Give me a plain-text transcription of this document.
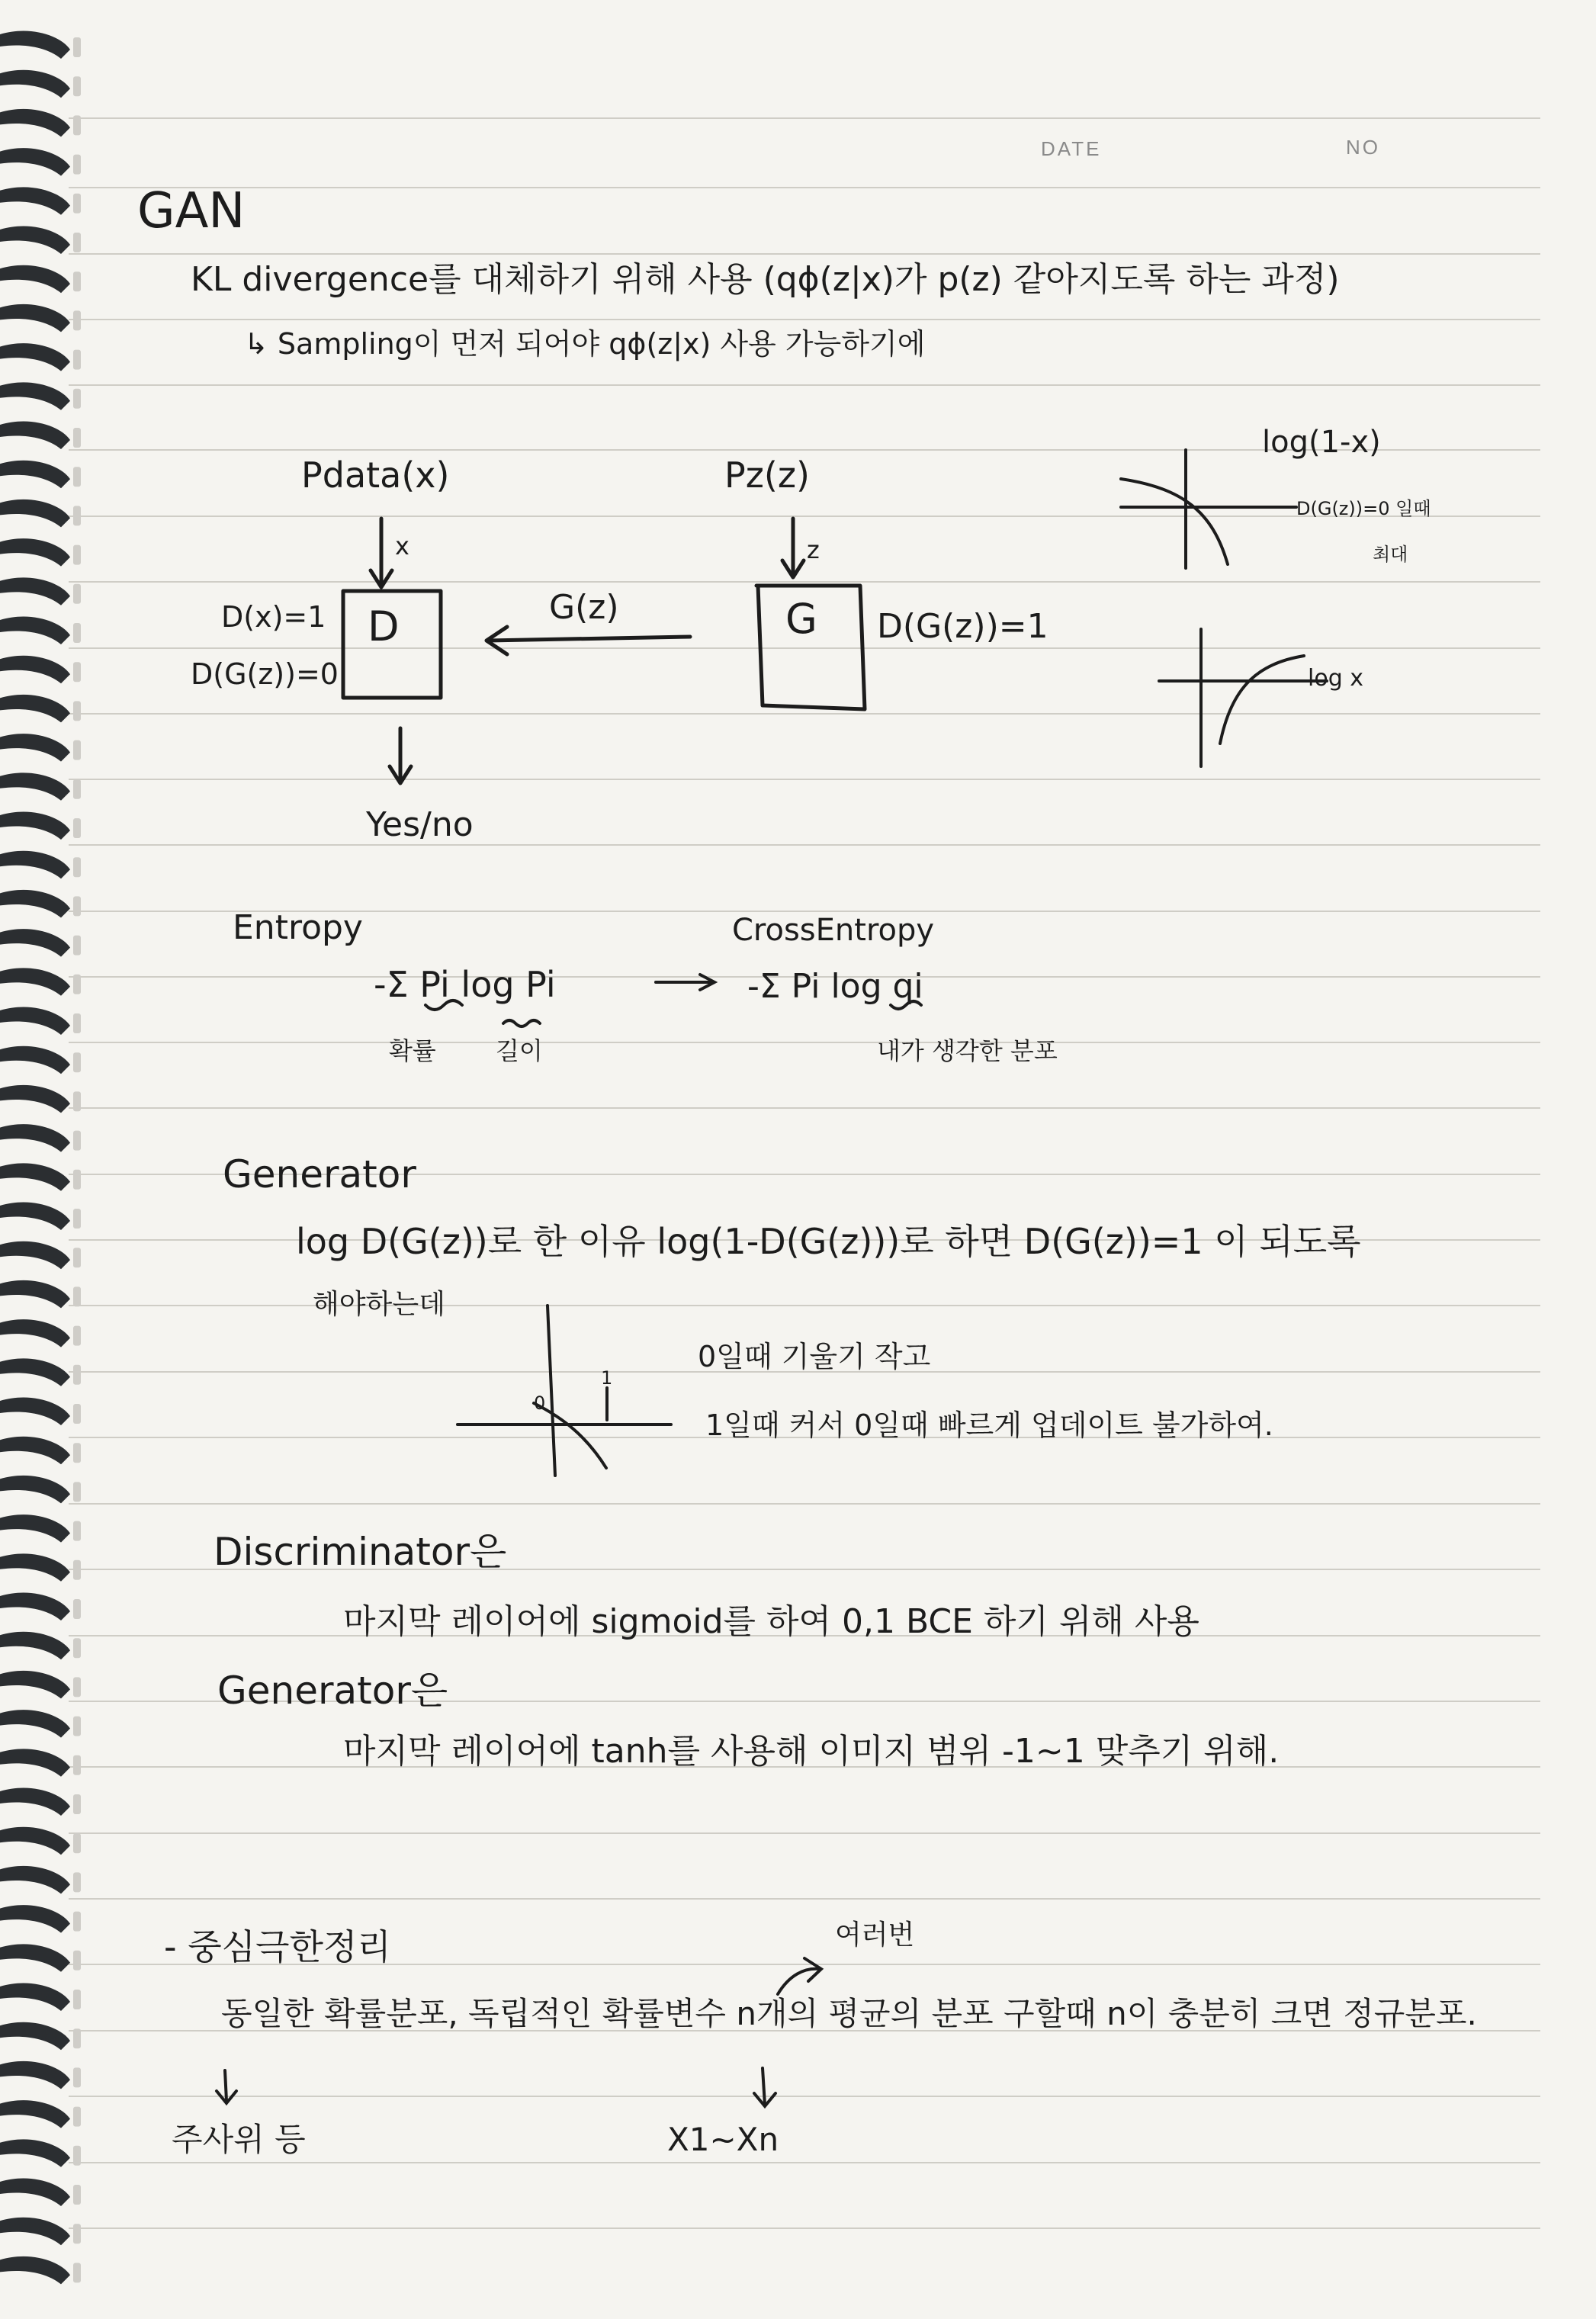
DATE	NO
GAN
KL divergence를 대체하기 위해 사용 (qϕ(z|x)가 p(z) 같아지도록 하는 과정)
↳ Sampling이 먼저 되어야 qϕ(z|x) 사용 가능하기에
Pdata(x)	Pz(z)
x	z
D	G
G(z)
D(x)=1
D(G(z))=0
D(G(z))=1
Yes/no
log(1-x)
D(G(z))=0 일때
최대
log x
Entropy
-Σ Pi log Pi
확률 길이
CrossEntropy
-Σ Pi log qi
내가 생각한 분포
Generator
log D(G(z))로 한 이유 log(1-D(G(z)))로 하면 D(G(z))=1 이 되도록
해야하는데
0일때 기울기 작고
1일때 커서 0일때 빠르게 업데이트 불가하여.
0
1
Discriminator은
마지막 레이어에 sigmoid를 하여 0,1 BCE 하기 위해 사용
Generator은
마지막 레이어에 tanh를 사용해 이미지 범위 -1~1 맞추기 위해.
- 중심극한정리	여러번
동일한 확률분포, 독립적인 확률변수 n개의 평균의 분포 구할때 n이 충분히 크면 정규분포.
주사위 등	X1~Xn
